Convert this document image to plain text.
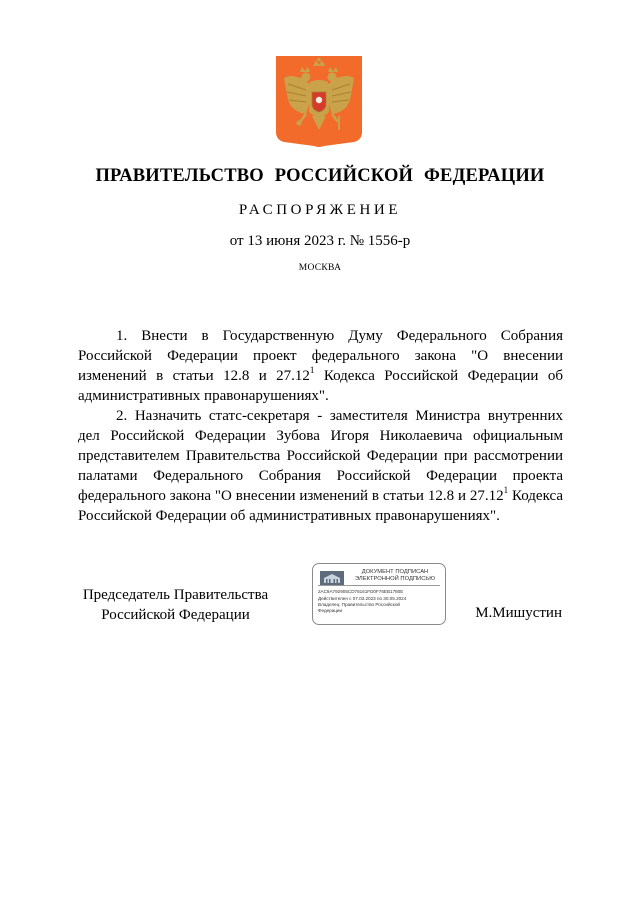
ПРАВИТЕЛЬСТВО РОССИЙСКОЙ ФЕДЕРАЦИИ
РАСПОРЯЖЕНИЕ
от 13 июня 2023 г. № 1556-р
МОСКВА

1. Внести в Государственную Думу Федерального Собрания Российской Федерации проект федерального закона "О внесении изменений в статьи 12.8 и 27.12$^1$ Кодекса Российской Федерации об административных правонарушениях".

2. Назначить статс-секретаря - заместителя Министра внутренних дел Российской Федерации Зубова Игоря Николаевича официальным представителем Правительства Российской Федерации при рассмотрении палатами Федерального Собрания Российской Федерации проекта федерального закона "О внесении изменений в статьи 12.8 и 27.12$^1$ Кодекса Российской Федерации об административных правонарушениях".

Председатель Правительства
Российской Федерации
ДОКУМЕНТ ПОДПИСАН
ЭЛЕКТРОННОЙ ПОДПИСЬЮ
2AC9A792905CD78161FD0F76EB1780E
Действителен с 07.03.2023 по 30.05.2024
Владелец: Правительство Российской
Федерации	М.Мишустин
